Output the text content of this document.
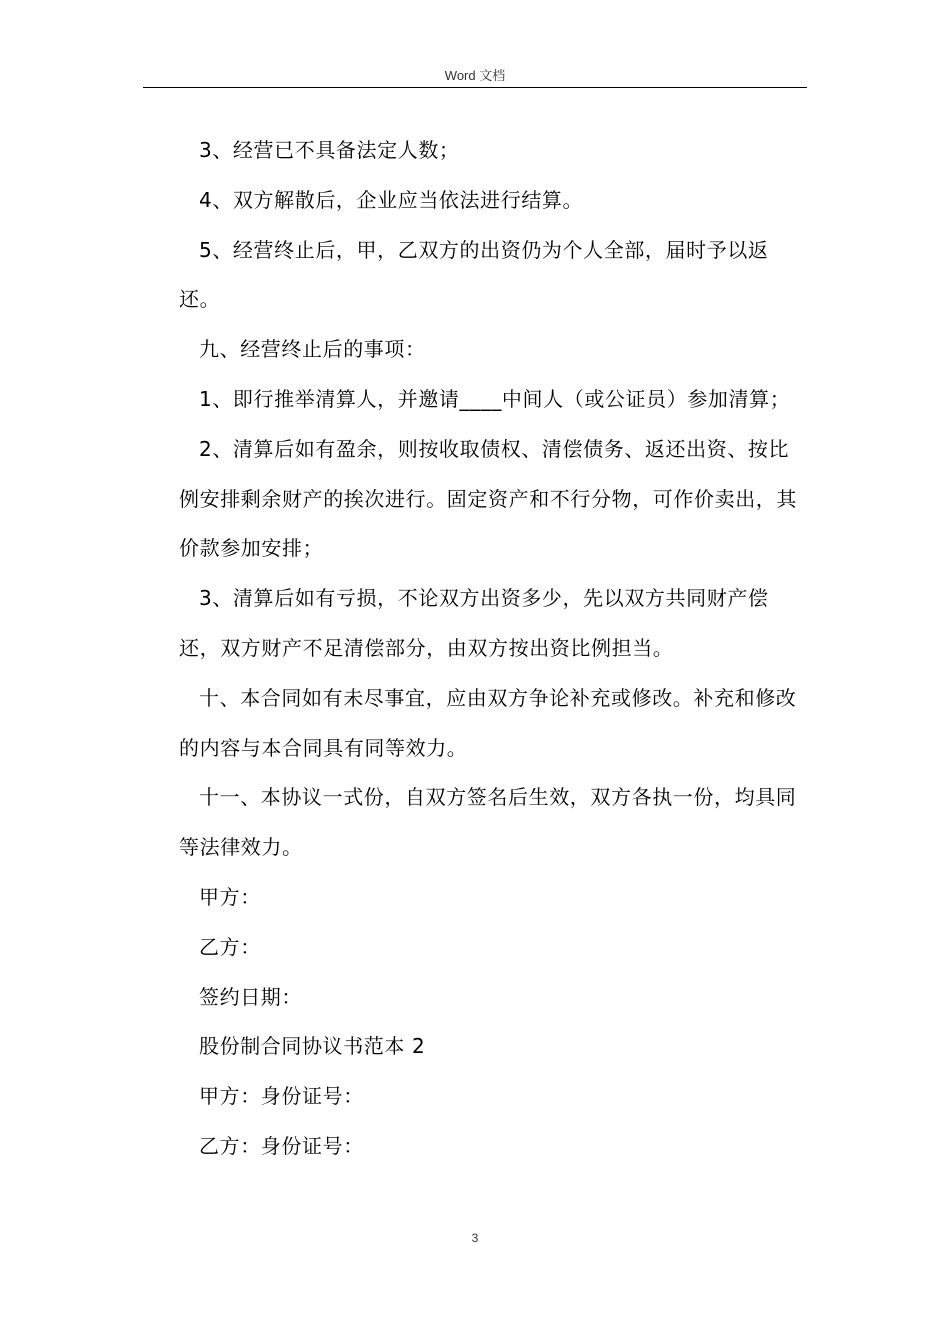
Word 文档

3、经营已不具备法定人数；

4、双方解散后，企业应当依法进行结算。

5、经营终止后，甲，乙双方的出资仍为个人全部，届时予以返还。

九、经营终止后的事项：

1、即行推举清算人，并邀请____中间人（或公证员）参加清算；

2、清算后如有盈余，则按收取债权、清偿债务、返还出资、按比例安排剩余财产的挨次进行。固定资产和不行分物，可作价卖出，其价款参加安排；

3、清算后如有亏损，不论双方出资多少，先以双方共同财产偿还，双方财产不足清偿部分，由双方按出资比例担当。

十、本合同如有未尽事宜，应由双方争论补充或修改。补充和修改的内容与本合同具有同等效力。

十一、本协议一式份，自双方签名后生效，双方各执一份，均具同等法律效力。

甲方：

乙方：

签约日期：

股份制合同协议书范本 2

甲方：身份证号：

乙方：身份证号：

3
